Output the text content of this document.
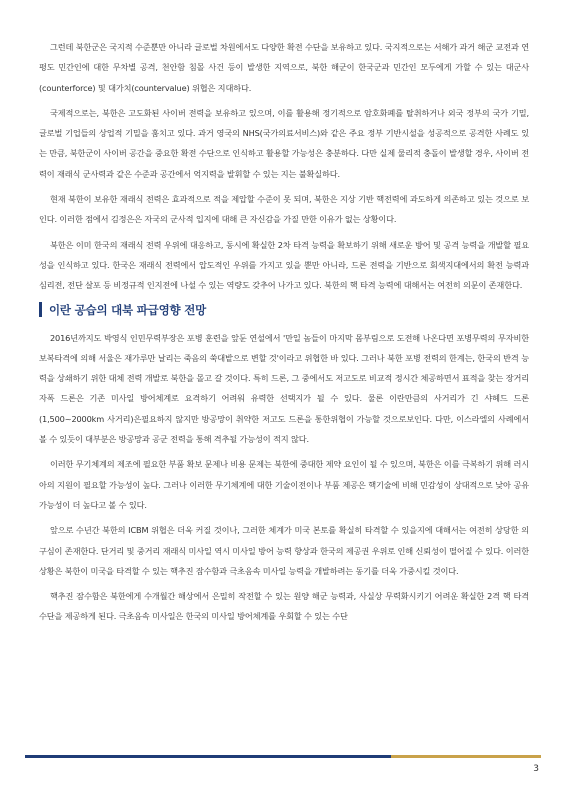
그런데 북한군은 국지적 수준뿐만 아니라 글로벌 차원에서도 다양한 확전 수단을 보유하고 있다. 국지적으로는 서해가 과거 해군 교전과 연평도 민간인에 대한 무차별 공격, 천안함 침몰 사건 등이 발생한 지역으로, 북한 해군이 한국군과 민간인 모두에게 가할 수 있는 대군사(counterforce) 및 대가치(countervalue) 위협은 지대하다.

국제적으로는, 북한은 고도화된 사이버 전력을 보유하고 있으며, 이를 활용해 정기적으로 암호화폐를 탈취하거나 외국 정부의 국가 기밀, 글로벌 기업들의 상업적 기밀을 훔치고 있다. 과거 영국의 NHS(국가의료서비스)와 같은 주요 정부 기반시설을 성공적으로 공격한 사례도 있는 만큼, 북한군이 사이버 공간을 중요한 확전 수단으로 인식하고 활용할 가능성은 충분하다. 다만 실제 물리적 충돌이 발생할 경우, 사이버 전력이 재래식 군사력과 같은 수준과 공간에서 억지력을 발휘할 수 있는 지는 불확실하다.

현재 북한이 보유한 재래식 전력은 효과적으로 적을 제압할 수준이 못 되며, 북한은 지상 기반 핵전력에 과도하게 의존하고 있는 것으로 보인다. 이러한 점에서 김정은은 자국의 군사적 입지에 대해 큰 자신감을 가질 만한 이유가 없는 상황이다.

북한은 이미 한국의 재래식 전력 우위에 대응하고, 동시에 확실한 2차 타격 능력을 확보하기 위해 새로운 방어 및 공격 능력을 개발할 필요성을 인식하고 있다. 한국은 재래식 전력에서 압도적인 우위를 가지고 있을 뿐만 아니라, 드론 전력을 기반으로 회색지대에서의 확전 능력과 심리전, 전단 살포 등 비정규적 인지전에 나설 수 있는 역량도 갖추어 나가고 있다. 북한의 핵 타격 능력에 대해서는 여전히 의문이 존재한다.

이란 공습의 대북 파급영향 전망

2016년까지도 박영식 인민무력부장은 포병 훈련을 앞둔 연설에서 '만일 놈들이 마지막 몸부림으로 도전해 나온다면 포병무력의 무자비한 보복타격에 의해 서울은 재가루만 날리는 죽음의 쑥대밭으로 변할 것'이라고 위협한 바 있다. 그러나 북한 포병 전력의 한계는, 한국의 반격 능력을 상쇄하기 위한 대체 전력 개발로 북한을 몰고 갈 것이다. 특히 드론, 그 중에서도 저고도로 비교적 정시간 체공하면서 표적을 찾는 장거리 자폭 드론은 기존 미사일 방어체계로 요격하기 어려워 유력한 선택지가 될 수 있다. 물론 이란만큼의 사거리가 긴 샤헤드 드론(1,500~2000km 사거리)은필요하지 않지만 방공망이 취약한 저고도 드론을 통한위협이 가능할 것으로보인다. 다만, 이스라엘의 사례에서 볼 수 있듯이 대부분은 방공망과 공군 전력을 통해 격추될 가능성이 적지 않다.

이러한 무기체계의 제조에 필요한 부품 확보 문제나 비용 문제는 북한에 중대한 제약 요인이 될 수 있으며, 북한은 이를 극복하기 위해 러시아의 지원이 필요할 가능성이 높다. 그러나 이러한 무기체계에 대한 기술이전이나 부품 제공은 핵기술에 비해 민감성이 상대적으로 낮아 공유 가능성이 더 높다고 볼 수 있다.

앞으로 수년간 북한의 ICBM 위협은 더욱 커질 것이나, 그러한 체계가 미국 본토를 확실히 타격할 수 있을지에 대해서는 여전히 상당한 의구심이 존재한다. 단거리 및 중거리 재래식 미사일 역시 미사일 방어 능력 향상과 한국의 제공권 우위로 인해 신뢰성이 떨어질 수 있다. 이러한 상황은 북한이 미국을 타격할 수 있는 핵추진 잠수함과 극초음속 미사일 능력을 개발하려는 동기를 더욱 가중시킬 것이다.

핵추진 잠수함은 북한에게 수개월간 해상에서 은밀히 작전할 수 있는 원양 해군 능력과, 사실상 무력화시키기 어려운 확실한 2격 핵 타격 수단을 제공하게 된다. 극초음속 미사일은 한국의 미사일 방어체계를 우회할 수 있는 수단

3
